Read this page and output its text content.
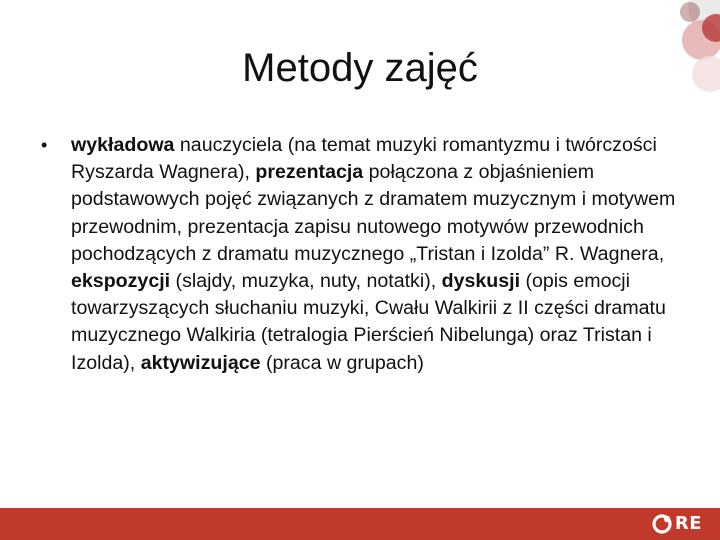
Metody zajęć
• wykładowa nauczyciela (na temat muzyki romantyzmu i twórczości Ryszarda Wagnera), prezentacja połączona z objaśnieniem podstawowych pojęć związanych z dramatem muzycznym i motywem przewodnim, prezentacja zapisu nutowego motywów przewodnich pochodzących z dramatu muzycznego „Tristan i Izolda” R. Wagnera, ekspozycji (slajdy, muzyka, nuty, notatki), dyskusji (opis emocji towarzyszących słuchaniu muzyki, Cwału Walkirii z II części dramatu muzycznego Walkiria (tetralogia Pierścień Nibelunga) oraz Tristan i Izolda), aktywizujące (praca w grupach)
RE
